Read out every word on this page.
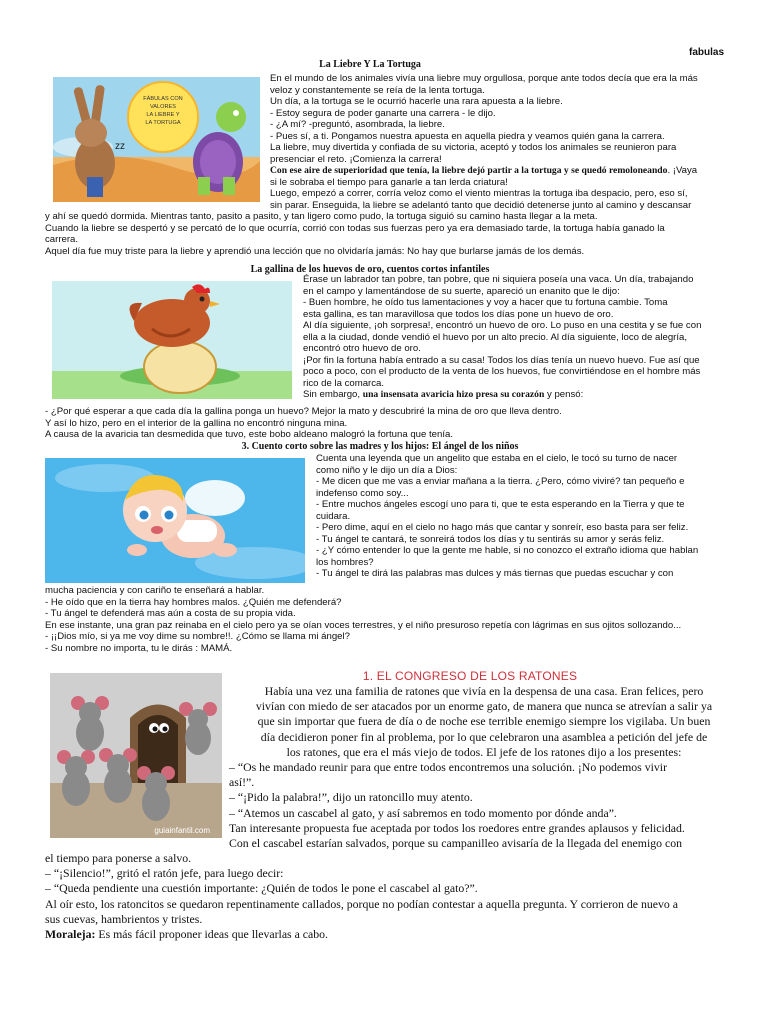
fabulas
La Liebre Y La Tortuga
zz
FÁBULAS CON
VALORES
LA LIEBRE Y
LA TORTUGA

En el mundo de los animales vivía una liebre muy orgullosa, porque ante todos decía que era la más

veloz y constantemente se reía de la lenta tortuga.

Un día, a la tortuga se le ocurrió hacerle una rara apuesta a la liebre.

- Estoy segura de poder ganarte una carrera - le dijo.

- ¿A mí? -preguntó, asombrada, la liebre.

- Pues sí, a ti. Pongamos nuestra apuesta en aquella piedra y veamos quién gana la carrera.

La liebre, muy divertida y confiada de su victoria, aceptó y todos los animales se reunieron para

presenciar el reto. ¡Comienza la carrera!

Con ese aire de superioridad que tenía, la liebre dejó partir a la tortuga y se quedó remoloneando. ¡Vaya

si le sobraba el tiempo para ganarle a tan lerda criatura!

Luego, empezó a correr, corría veloz como el viento mientras la tortuga iba despacio, pero, eso sí,

sin parar. Enseguida, la liebre se adelantó tanto que decidió detenerse junto al camino y descansar

y ahí se quedó dormida. Mientras tanto, pasito a pasito, y tan ligero como pudo, la tortuga siguió su camino hasta llegar a la meta.

Cuando la liebre se despertó y se percató de lo que ocurría, corrió con todas sus fuerzas pero ya era demasiado tarde, la tortuga había ganado la

carrera.

Aquel día fue muy triste para la liebre y aprendió una lección que no olvidaría jamás: No hay que burlarse jamás de los demás.

La gallina de los huevos de oro, cuentos cortos infantiles

Érase un labrador tan pobre, tan pobre, que ni siquiera poseía una vaca. Un día, trabajando

en el campo y lamentándose de su suerte, apareció un enanito que le dijo:

- Buen hombre, he oído tus lamentaciones y voy a hacer que tu fortuna cambie. Toma

esta gallina, es tan maravillosa que todos los días pone un huevo de oro.

Al día siguiente, ¡oh sorpresa!, encontró un huevo de oro. Lo puso en una cestita y se fue con

ella a la ciudad, donde vendió el huevo por un alto precio. Al día siguiente, loco de alegría,

encontró otro huevo de oro.

¡Por fin la fortuna había entrado a su casa! Todos los días tenía un nuevo huevo. Fue así que

poco a poco, con el producto de la venta de los huevos, fue convirtiéndose en el hombre más

rico de la comarca.

Sin embargo, una insensata avaricia hizo presa su corazón y pensó:

- ¿Por qué esperar a que cada día la gallina ponga un huevo? Mejor la mato y descubriré la mina de oro que lleva dentro.

Y así lo hizo, pero en el interior de la gallina no encontró ninguna mina.

A causa de la avaricia tan desmedida que tuvo, este bobo aldeano malogró la fortuna que tenía.

3. Cuento corto sobre las madres y los hijos: El ángel de los niños

Cuenta una leyenda que un angelito que estaba en el cielo, le tocó su turno de nacer

como niño y le dijo un día a Dios:

- Me dicen que me vas a enviar mañana a la tierra. ¿Pero, cómo viviré? tan pequeño e

indefenso como soy...

- Entre muchos ángeles escogí uno para ti, que te esta esperando en la Tierra y que te

cuidara.

- Pero dime, aquí en el cielo no hago más que cantar y sonreír, eso basta para ser feliz.

- Tu ángel te cantará, te sonreirá todos los días y tu sentirás su amor y serás feliz.

- ¿Y cómo entender lo que la gente me hable, si no conozco el extraño idioma que hablan

los hombres?

- Tu ángel te dirá las palabras mas dulces y más tiernas que puedas escuchar y con

mucha paciencia y con cariño te enseñará a hablar.

- He oído que en la tierra hay hombres malos. ¿Quién me defenderá?

- Tu ángel te defenderá mas aún a costa de su propia vida.

En ese instante, una gran paz reinaba en el cielo pero ya se oían voces terrestres, y el niño presuroso repetía con lágrimas en sus ojitos sollozando...

- ¡¡Dios mío, si ya me voy dime su nombre!!. ¿Cómo se llama mi ángel?

- Su nombre no importa, tu le dirás : MAMÁ.

1. EL CONGRESO DE LOS RATONES
guiainfantil.com

Había una vez una familia de ratones que vivía en la despensa de una casa. Eran felices, pero

vivían con miedo de ser atacados por un enorme gato, de manera que nunca se atrevían a salir ya

que sin importar que fuera de día o de noche ese terrible enemigo siempre los vigilaba. Un buen

día decidieron poner fin al problema, por lo que celebraron una asamblea a petición del jefe de

los ratones, que era el más viejo de todos. El jefe de los ratones dijo a los presentes:

– “Os he mandado reunir para que entre todos encontremos una solución. ¡No podemos vivir

así!”.

– “¡Pido la palabra!”, dijo un ratoncillo muy atento.

– “Atemos un cascabel al gato, y así sabremos en todo momento por dónde anda”.

Tan interesante propuesta fue aceptada por todos los roedores entre grandes aplausos y felicidad.

Con el cascabel estarían salvados, porque su campanilleo avisaría de la llegada del enemigo con

el tiempo para ponerse a salvo.

– “¡Silencio!”, gritó el ratón jefe, para luego decir:

– “Queda pendiente una cuestión importante: ¿Quién de todos le pone el cascabel al gato?”.

Al oír esto, los ratoncitos se quedaron repentinamente callados, porque no podían contestar a aquella pregunta. Y corrieron de nuevo a

sus cuevas, hambrientos y tristes.

Moraleja: Es más fácil proponer ideas que llevarlas a cabo.
